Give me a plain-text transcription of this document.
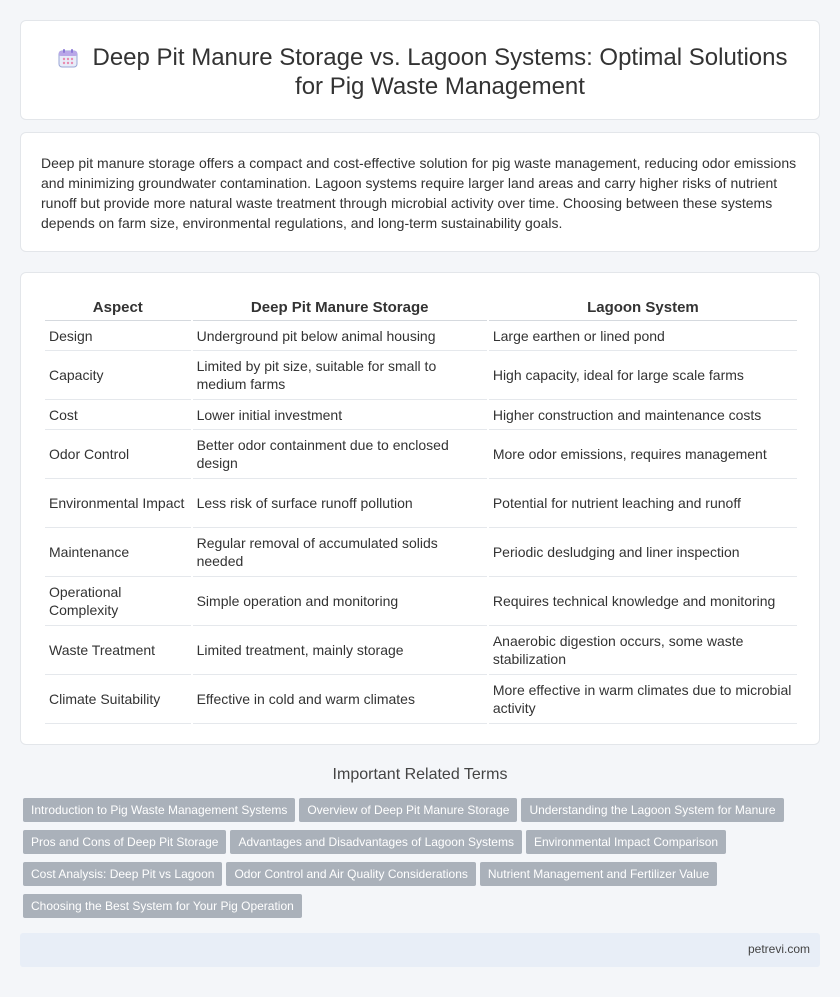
Deep Pit Manure Storage vs. Lagoon Systems: Optimal Solutions for Pig Waste Management

Deep pit manure storage offers a compact and cost-effective solution for pig waste management, reducing odor emissions and minimizing groundwater contamination. Lagoon systems require larger land areas and carry higher risks of nutrient runoff but provide more natural waste treatment through microbial activity over time. Choosing between these systems depends on farm size, environmental regulations, and long-term sustainability goals.

Aspect	Deep Pit Manure Storage	Lagoon System
Design	Underground pit below animal housing	Large earthen or lined pond
Capacity	Limited by pit size, suitable for small to medium farms	High capacity, ideal for large scale farms
Cost	Lower initial investment	Higher construction and maintenance costs
Odor Control	Better odor containment due to enclosed design	More odor emissions, requires management
Environmental Impact	Less risk of surface runoff pollution	Potential for nutrient leaching and runoff
Maintenance	Regular removal of accumulated solids needed	Periodic desludging and liner inspection
Operational Complexity	Simple operation and monitoring	Requires technical knowledge and monitoring
Waste Treatment	Limited treatment, mainly storage	Anaerobic digestion occurs, some waste stabilization
Climate Suitability	Effective in cold and warm climates	More effective in warm climates due to microbial activity
Important Related Terms
Introduction to Pig Waste Management Systems Overview of Deep Pit Manure Storage Understanding the Lagoon System for ManurePros and Cons of Deep Pit Storage Advantages and Disadvantages of Lagoon Systems Environmental Impact ComparisonCost Analysis: Deep Pit vs Lagoon Odor Control and Air Quality Considerations Nutrient Management and Fertilizer ValueChoosing the Best System for Your Pig Operation
petrevi.com
